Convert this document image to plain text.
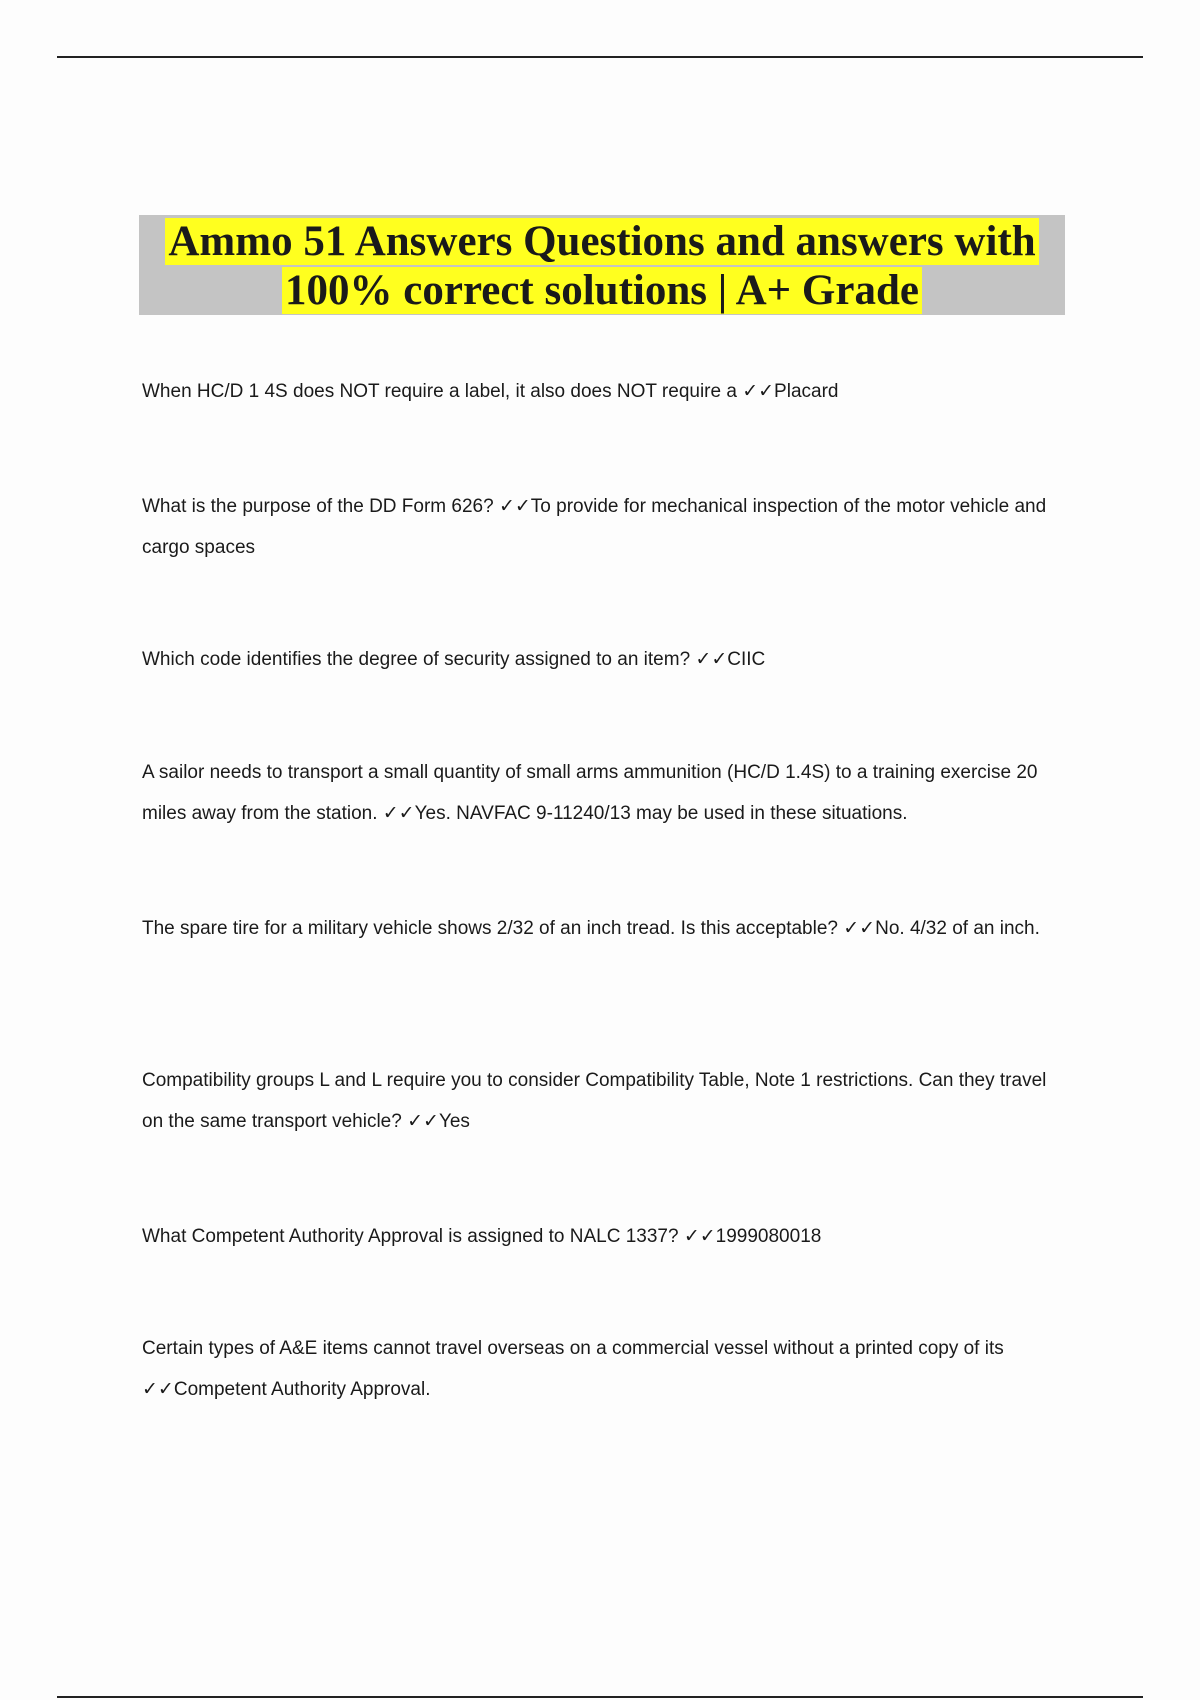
Ammo 51 Answers Questions and answers with

100% correct solutions | A+ Grade

When HC/D 1 4S does NOT require a label, it also does NOT require a ✓✓Placard

What is the purpose of the DD Form 626? ✓✓To provide for mechanical inspection of the motor vehicle and cargo spaces

Which code identifies the degree of security assigned to an item? ✓✓CIIC

A sailor needs to transport a small quantity of small arms ammunition (HC/D 1.4S) to a training exercise 20 miles away from the station. ✓✓Yes. NAVFAC 9-11240/13 may be used in these situations.

The spare tire for a military vehicle shows 2/32 of an inch tread. Is this acceptable? ✓✓No. 4/32 of an inch.

Compatibility groups L and L require you to consider Compatibility Table, Note 1 restrictions. Can they travel on the same transport vehicle? ✓✓Yes

What Competent Authority Approval is assigned to NALC 1337? ✓✓1999080018

Certain types of A&E items cannot travel overseas on a commercial vessel without a printed copy of its ✓✓Competent Authority Approval.
